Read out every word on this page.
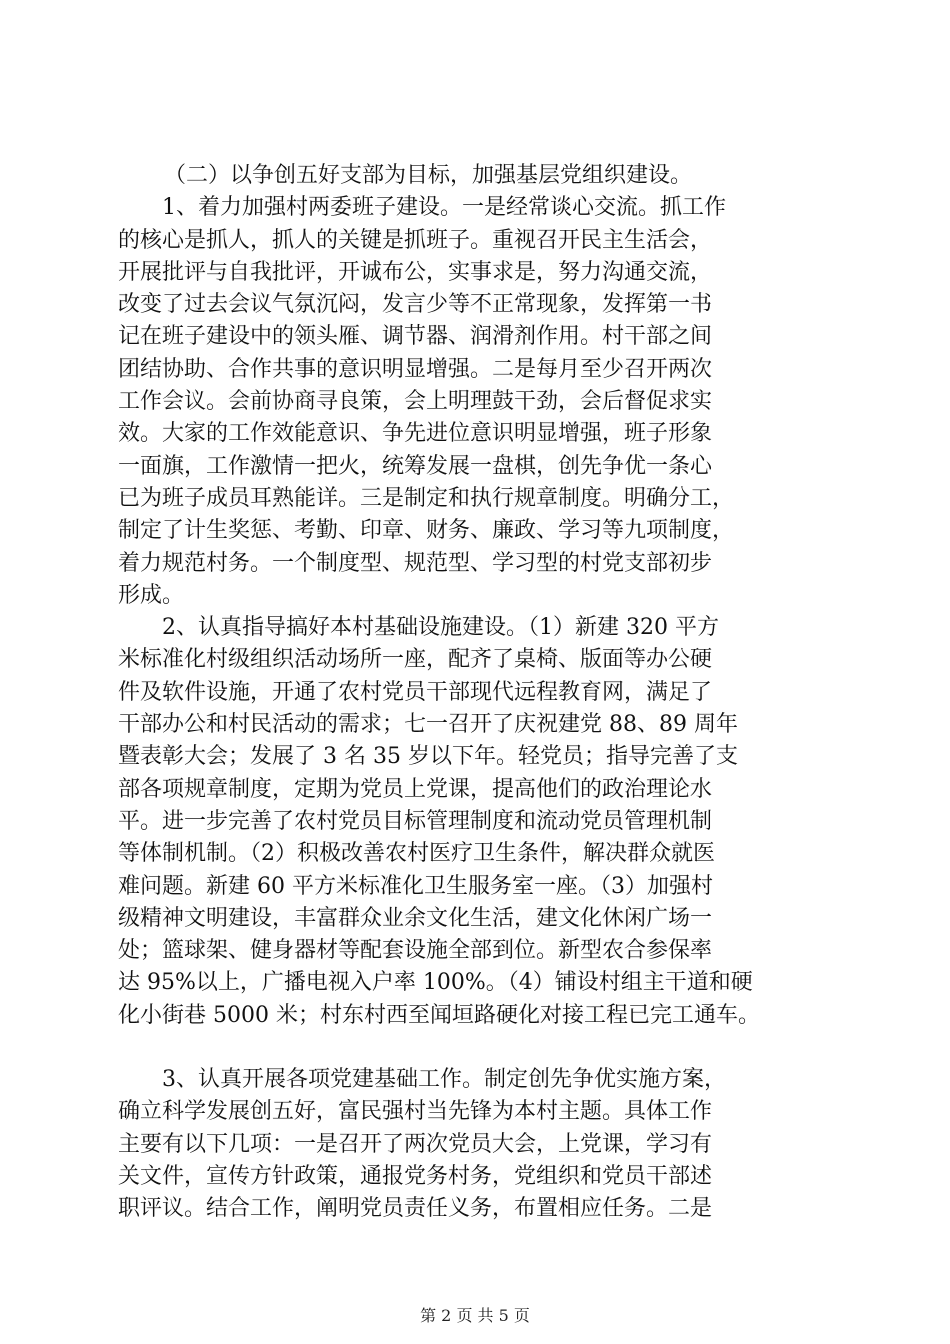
（二）以争创五好支部为目标，加强基层党组织建设。
1、着力加强村两委班子建设。一是经常谈心交流。抓工作
的核心是抓人，抓人的关键是抓班子。重视召开民主生活会，
开展批评与自我批评，开诚布公，实事求是，努力沟通交流，
改变了过去会议气氛沉闷，发言少等不正常现象，发挥第一书
记在班子建设中的领头雁、调节器、润滑剂作用。村干部之间
团结协助、合作共事的意识明显增强。二是每月至少召开两次
工作会议。会前协商寻良策，会上明理鼓干劲，会后督促求实
效。大家的工作效能意识、争先进位意识明显增强，班子形象
一面旗，工作激情一把火，统筹发展一盘棋，创先争优一条心
已为班子成员耳熟能详。三是制定和执行规章制度。明确分工，
制定了计生奖惩、考勤、印章、财务、廉政、学习等九项制度，
着力规范村务。一个制度型、规范型、学习型的村党支部初步
形成。
2、认真指导搞好本村基础设施建设。（1）新建 320 平方
米标准化村级组织活动场所一座，配齐了桌椅、版面等办公硬
件及软件设施，开通了农村党员干部现代远程教育网，满足了
干部办公和村民活动的需求；七一召开了庆祝建党 88、89 周年
暨表彰大会；发展了 3 名 35 岁以下年。轻党员；指导完善了支
部各项规章制度，定期为党员上党课，提高他们的政治理论水
平。进一步完善了农村党员目标管理制度和流动党员管理机制
等体制机制。（2）积极改善农村医疗卫生条件，解决群众就医
难问题。新建 60 平方米标准化卫生服务室一座。（3）加强村
级精神文明建设，丰富群众业余文化生活，建文化休闲广场一
处；篮球架、健身器材等配套设施全部到位。新型农合参保率
达 95%以上，广播电视入户率 100%。（4）铺设村组主干道和硬
化小街巷 5000 米；村东村西至闻垣路硬化对接工程已完工通车。
3、认真开展各项党建基础工作。制定创先争优实施方案，
确立科学发展创五好，富民强村当先锋为本村主题。具体工作
主要有以下几项：一是召开了两次党员大会，上党课，学习有
关文件，宣传方针政策，通报党务村务，党组织和党员干部述
职评议。结合工作，阐明党员责任义务，布置相应任务。二是
第 2 页 共 5 页
